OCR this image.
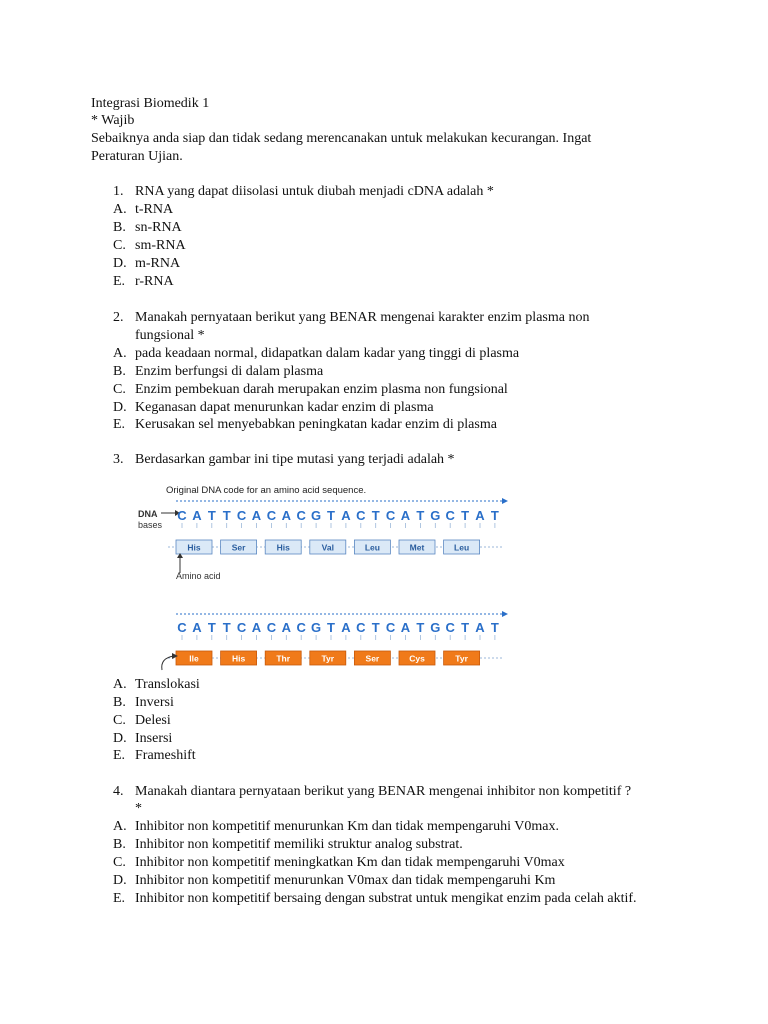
Integrasi Biomedik 1
* Wajib
Sebaiknya anda siap dan tidak sedang merencanakan untuk melakukan kecurangan. Ingat
Peraturan Ujian.
1. RNA yang dapat diisolasi untuk diubah menjadi cDNA adalah *
A. t-RNA
B. sn-RNA
C. sm-RNA
D. m-RNA
E. r-RNA
2. Manakah pernyataan berikut yang BENAR mengenai karakter enzim plasma non
fungsional *
A. pada keadaan normal, didapatkan dalam kadar yang tinggi di plasma
B. Enzim berfungsi di dalam plasma
C. Enzim pembekuan darah merupakan enzim plasma non fungsional
D. Keganasan dapat menurunkan kadar enzim di plasma
E. Kerusakan sel menyebabkan peningkatan kadar enzim di plasma
3. Berdasarkan gambar ini tipe mutasi yang terjadi adalah *
Original DNA code for an amino acid sequence.
DNA
bases
C A T T C A C A C G T A C T C A T G C T A T
His	Ser	His	Val	Leu	Met	Leu
Amino acid
C A T T C A C A C G T A C T C A T G C T A T
Ile	His	Thr	Tyr	Ser	Cys	Tyr
A. Translokasi
B. Inversi
C. Delesi
D. Insersi
E. Frameshift
4. Manakah diantara pernyataan berikut yang BENAR mengenai inhibitor non kompetitif ?
*
A. Inhibitor non kompetitif menurunkan Km dan tidak mempengaruhi V0max.
B. Inhibitor non kompetitif memiliki struktur analog substrat.
C. Inhibitor non kompetitif meningkatkan Km dan tidak mempengaruhi V0max
D. Inhibitor non kompetitif menurunkan V0max dan tidak mempengaruhi Km
E. Inhibitor non kompetitif bersaing dengan substrat untuk mengikat enzim pada celah aktif.
